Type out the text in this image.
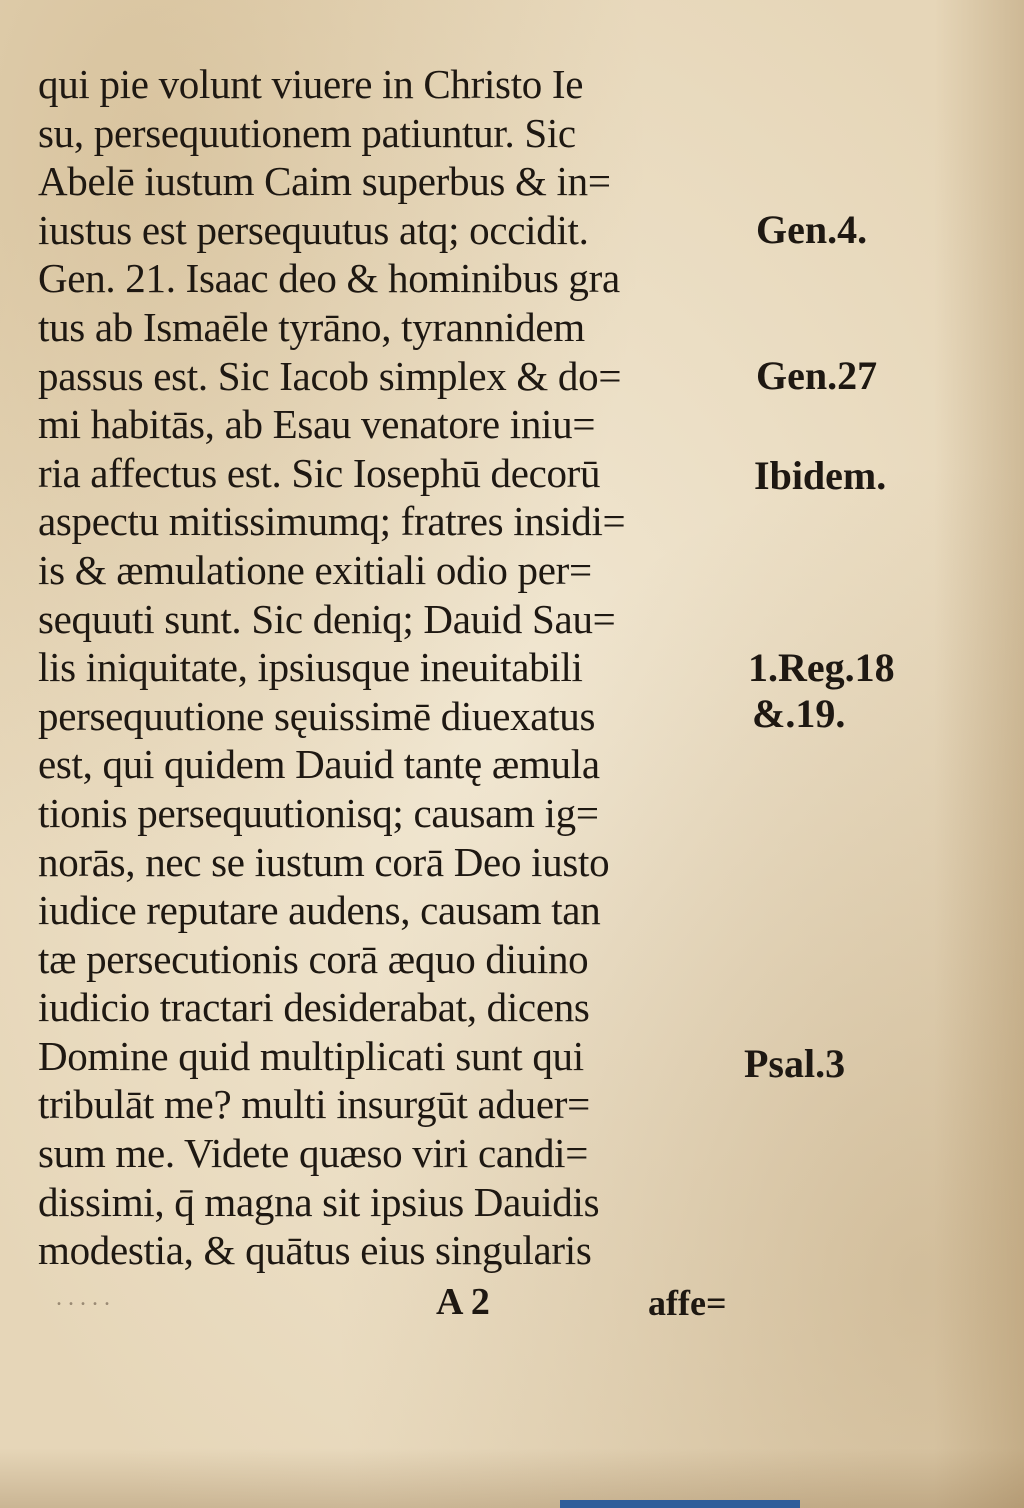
qui pie volunt viuere in Christo Ie
su, persequutionem patiuntur. Sic
Abelē iustum Caim superbus & in=
iustus est persequutus atq; occidit.
Gen. 21. Isaac deo & hominibus gra
tus ab Ismaēle tyrāno, tyrannidem
passus est. Sic Iacob simplex & do=
mi habitās, ab Esau venatore iniu=
ria affectus est. Sic Iosephū decorū
aspectu mitissimumq; fratres insidi=
is & æmulatione exitiali odio per=
sequuti sunt. Sic deniq; Dauid Sau=
lis iniquitate, ipsiusque ineuitabili
persequutione sęuissimē diuexatus
est, qui quidem Dauid tantę æmula
tionis persequutionisq; causam ig=
norās, nec se iustum corā Deo iusto
iudice reputare audens, causam tan
tæ persecutionis corā æquo diuino
iudicio tractari desiderabat, dicens
Domine quid multiplicati sunt qui
tribulāt me? multi insurgūt aduer=
sum me. Videte quæso viri candi=
dissimi, q̄ magna sit ipsius Dauidis
modestia, & quātus eius singularis
Gen.4.
Gen.27
Ibidem.
1.Reg.18
&.19.
Psal.3
. . . . .	A 2	affe=
